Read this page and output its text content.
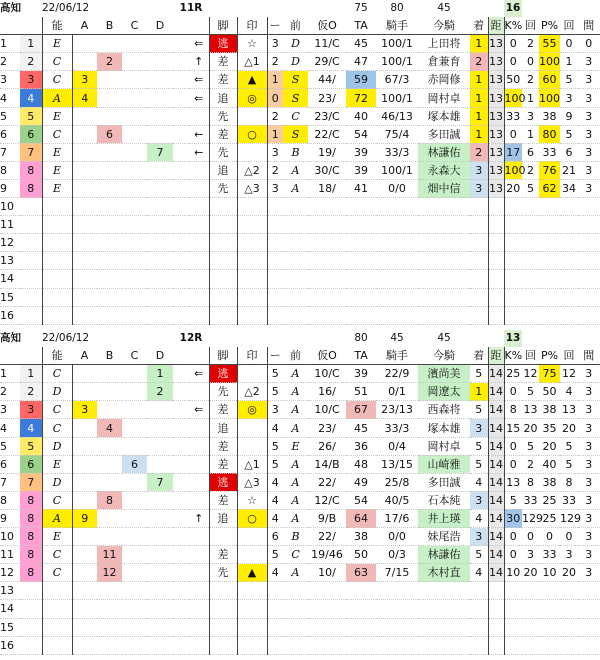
高知		22/06/12					11R							75	80	45			16					
		能	A	B	C	D			脚	印	ー	前	仮O	TA	騎手	今騎	着	距	K%	回	P%	回	間	
1	1	E						⇐	逃	☆	3	D	11/C	45	100/1	上田将	1	13	0	2	55	0	0	
2	2	C		2				↑	差	△1	2	D	29/C	47	100/1	倉兼育	2	13	0	0	100	1	3	
3	3	C	3					⇐	差	▲	1	S	44/	59	67/3	赤岡修	1	13	50	2	60	5	3	
4	4	A	4					⇐	追	◎	0	S	23/	72	100/1	岡村卓	1	13	100	1	100	3	3	
5	5	E							先		2	C	23/C	40	46/13	塚本雄	1	13	33	3	38	9	3	
6	6	C		6				←	差	○	1	S	22/C	54	75/4	多田誠	1	13	0	1	80	5	3	
7	7	E				7		←	先		3	B	19/	39	33/3	林謙佑	2	13	17	6	33	6	3	
8	8	E							追	△2	2	A	30/C	39	100/1	永森大	3	13	100	2	76	21	3	
9	8	E							先	△3	3	A	18/	41	0/0	畑中信	3	13	20	5	62	34	3	
10																								
11																								
12																								
13																								
14																								
15																								
16																								
高知		22/06/12					12R							80	45	45			13					
		能	A	B	C	D			脚	印	ー	前	仮O	TA	騎手	今騎	着	距	K%	回	P%	回	間	
1	1	C				1		⇐	逃		5	A	10/C	39	22/9	濱尚美	5	14	25	12	75	12	3	
2	2	D				2			先	△2	5	A	16/	51	0/1	岡遼太	1	14	0	5	50	4	3	
3	3	C	3					⇐	差	◎	3	A	10/C	67	23/13	西森将	5	14	8	13	38	13	3	
4	4	C		4					追		4	A	23/	45	33/3	塚本雄	3	14	15	20	35	20	3	
5	5	D							差		5	E	26/	36	0/4	岡村卓	5	14	0	5	20	5	3	
6	6	E			6				差	△1	5	A	14/B	48	13/15	山崎雅	5	14	0	2	40	5	3	
7	7	D				7			逃	△3	4	A	22/	49	25/8	多田誠	4	14	13	8	38	8	3	
8	8	C		8					差	☆	4	A	12/C	54	40/5	石本純	3	14	5	33	25	33	3	
9	8	A	9					↑	追	○	4	A	9/B	64	17/6	井上瑛	4	14	30	129	25	129	3	
10	8	E									6	B	22/	38	0/0	妹尾浩	3	14	0	0	0	0	3	
11	8	C		11					差		5	C	19/46	50	0/3	林謙佑	5	14	0	3	33	3	3	
12	8	C		12					先	▲	4	A	10/	63	7/15	木村直	4	14	10	20	10	20	3	
13																								
14																								
15																								
16																								
